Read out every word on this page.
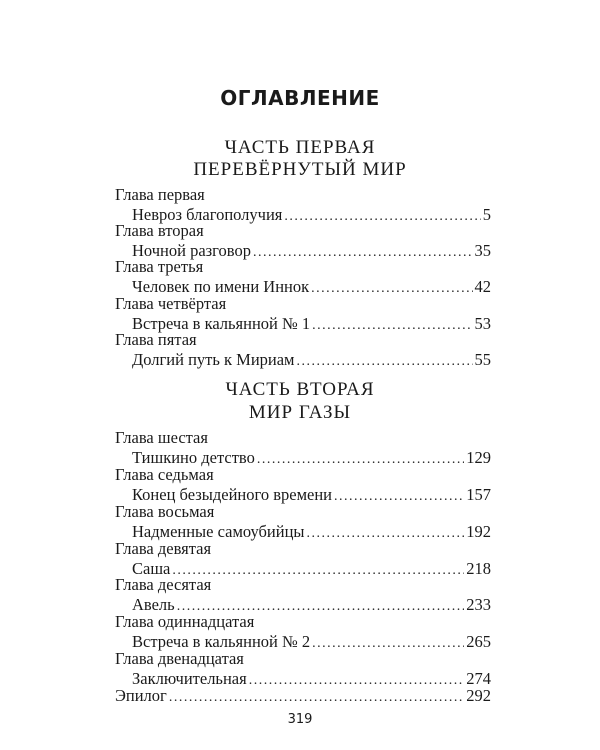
ОГЛАВЛЕНИЕ
ЧАСТЬ ПЕРВАЯ
ПЕРЕВЁРНУТЫЙ МИР
Глава первая
Невроз благополучия .....	5
Глава вторая
Ночной разговор .....	35
Глава третья
Человек по имени Иннок .....	42
Глава четвёртая
Встреча в кальянной № 1 .....	53
Глава пятая
Долгий путь к Мириам .....	55
ЧАСТЬ ВТОРАЯ
МИР ГАЗЫ
Глава шестая
Тишкино детство .....	129
Глава седьмая
Конец безыдейного времени .....	157
Глава восьмая
Надменные самоубийцы .....	192
Глава девятая
Саша .....	218
Глава десятая
Авель .....	233
Глава одиннадцатая
Встреча в кальянной № 2 .....	265
Глава двенадцатая
Заключительная .....	274
Эпилог .....	292
319
